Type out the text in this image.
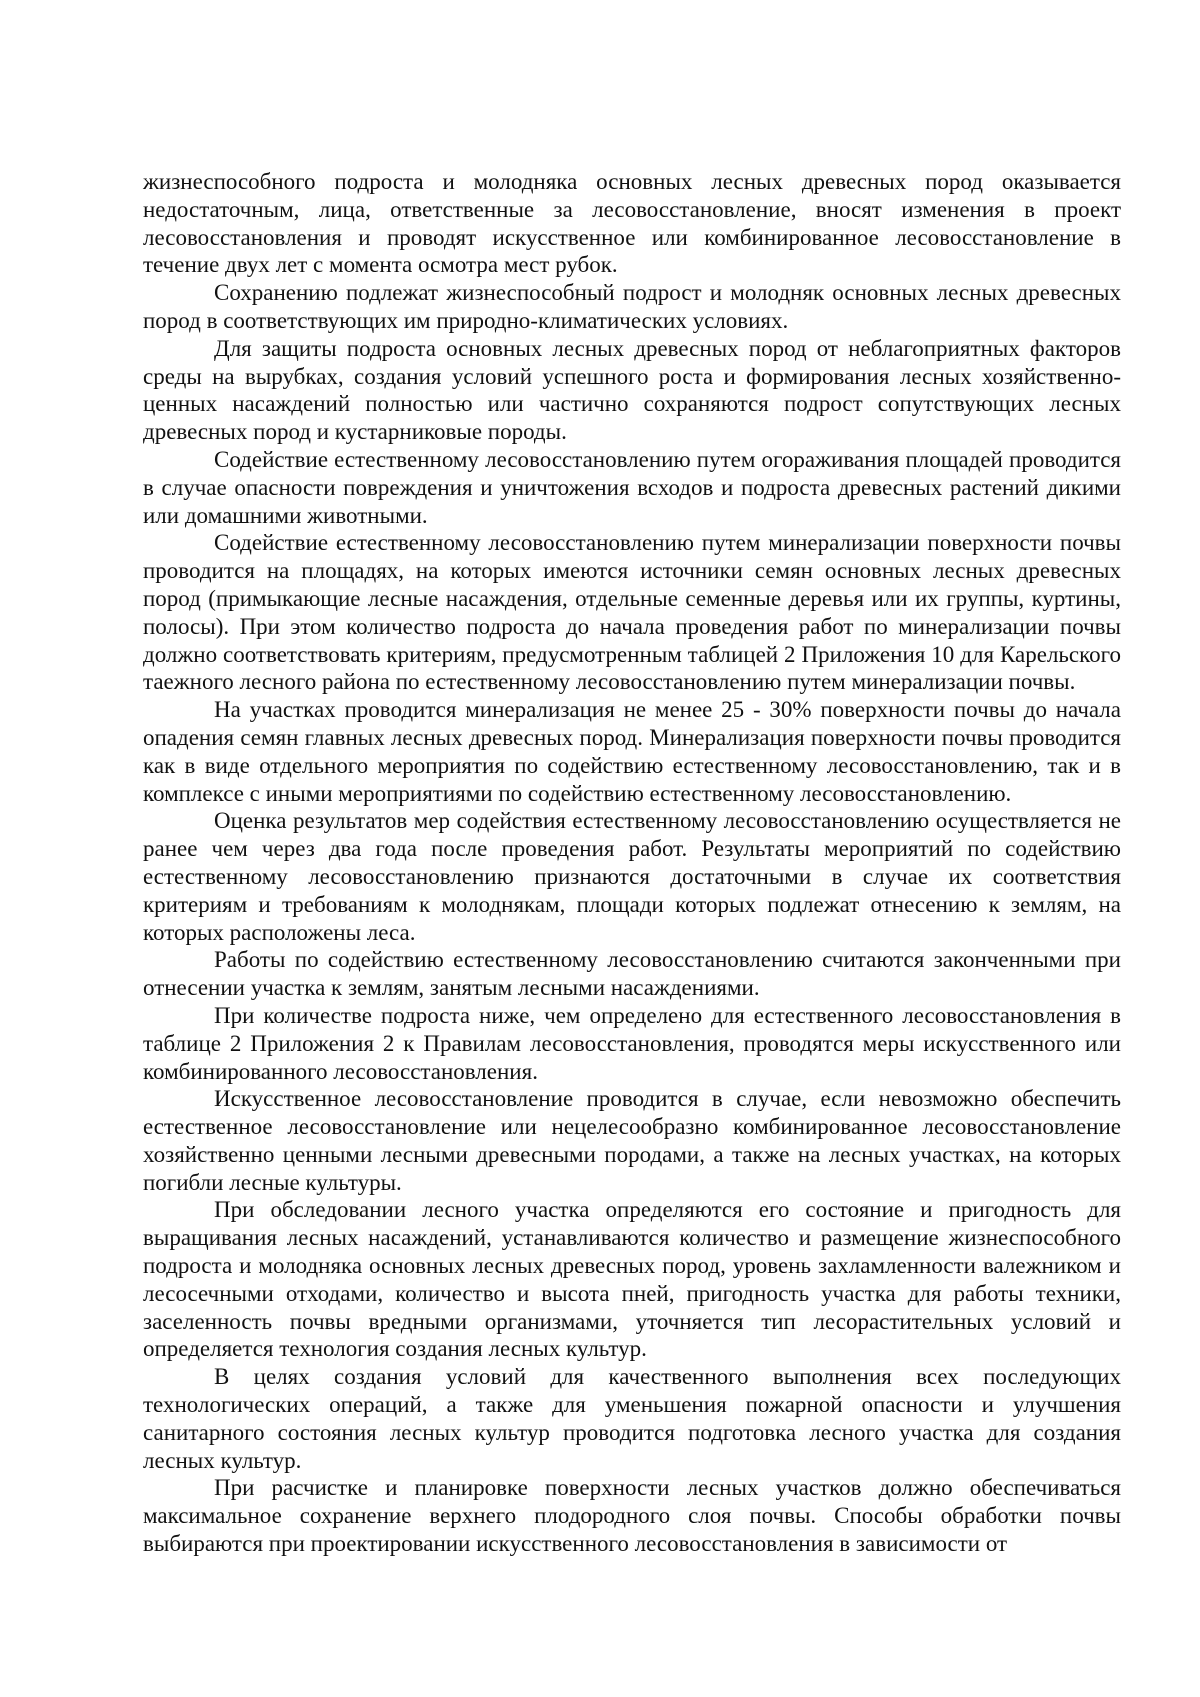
жизнеспособного подроста и молодняка основных лесных древесных пород оказывается недостаточным, лица, ответственные за лесовосстановление, вносят изменения в проект лесовосстановления и проводят искусственное или комбинированное лесовосстановление в течение двух лет с момента осмотра мест рубок.

Сохранению подлежат жизнеспособный подрост и молодняк основных лесных древесных пород в соответствующих им природно-климатических условиях.

Для защиты подроста основных лесных древесных пород от неблагоприятных факторов среды на вырубках, создания условий успешного роста и формирования лесных хозяйственно-ценных насаждений полностью или частично сохраняются подрост сопутствующих лесных древесных пород и кустарниковые породы.

Содействие естественному лесовосстановлению путем огораживания площадей проводится в случае опасности повреждения и уничтожения всходов и подроста древесных растений дикими или домашними животными.

Содействие естественному лесовосстановлению путем минерализации поверхности почвы проводится на площадях, на которых имеются источники семян основных лесных древесных пород (примыкающие лесные насаждения, отдельные семенные деревья или их группы, куртины, полосы). При этом количество подроста до начала проведения работ по минерализации почвы должно соответствовать критериям, предусмотренным таблицей 2 Приложения 10 для Карельского таежного лесного района по естественному лесовосстановлению путем минерализации почвы.

На участках проводится минерализация не менее 25 - 30% поверхности почвы до начала опадения семян главных лесных древесных пород. Минерализация поверхности почвы проводится как в виде отдельного мероприятия по содействию естественному лесовосстановлению, так и в комплексе с иными мероприятиями по содействию естественному лесовосстановлению.

Оценка результатов мер содействия естественному лесовосстановлению осуществляется не ранее чем через два года после проведения работ. Результаты мероприятий по содействию естественному лесовосстановлению признаются достаточными в случае их соответствия критериям и требованиям к молоднякам, площади которых подлежат отнесению к землям, на которых расположены леса.

Работы по содействию естественному лесовосстановлению считаются законченными при отнесении участка к землям, занятым лесными насаждениями.

При количестве подроста ниже, чем определено для естественного лесовосстановления в таблице 2 Приложения 2 к Правилам лесовосстановления, проводятся меры искусственного или комбинированного лесовосстановления.

Искусственное лесовосстановление проводится в случае, если невозможно обеспечить естественное лесовосстановление или нецелесообразно комбинированное лесовосстановление хозяйственно ценными лесными древесными породами, а также на лесных участках, на которых погибли лесные культуры.

При обследовании лесного участка определяются его состояние и пригодность для выращивания лесных насаждений, устанавливаются количество и размещение жизнеспособного подроста и молодняка основных лесных древесных пород, уровень захламленности валежником и лесосечными отходами, количество и высота пней, пригодность участка для работы техники, заселенность почвы вредными организмами, уточняется тип лесорастительных условий и определяется технология создания лесных культур.

В целях создания условий для качественного выполнения всех последующих технологических операций, а также для уменьшения пожарной опасности и улучшения санитарного состояния лесных культур проводится подготовка лесного участка для создания лесных культур.

При расчистке и планировке поверхности лесных участков должно обеспечиваться максимальное сохранение верхнего плодородного слоя почвы. Способы обработки почвы выбираются при проектировании искусственного лесовосстановления в зависимости от
